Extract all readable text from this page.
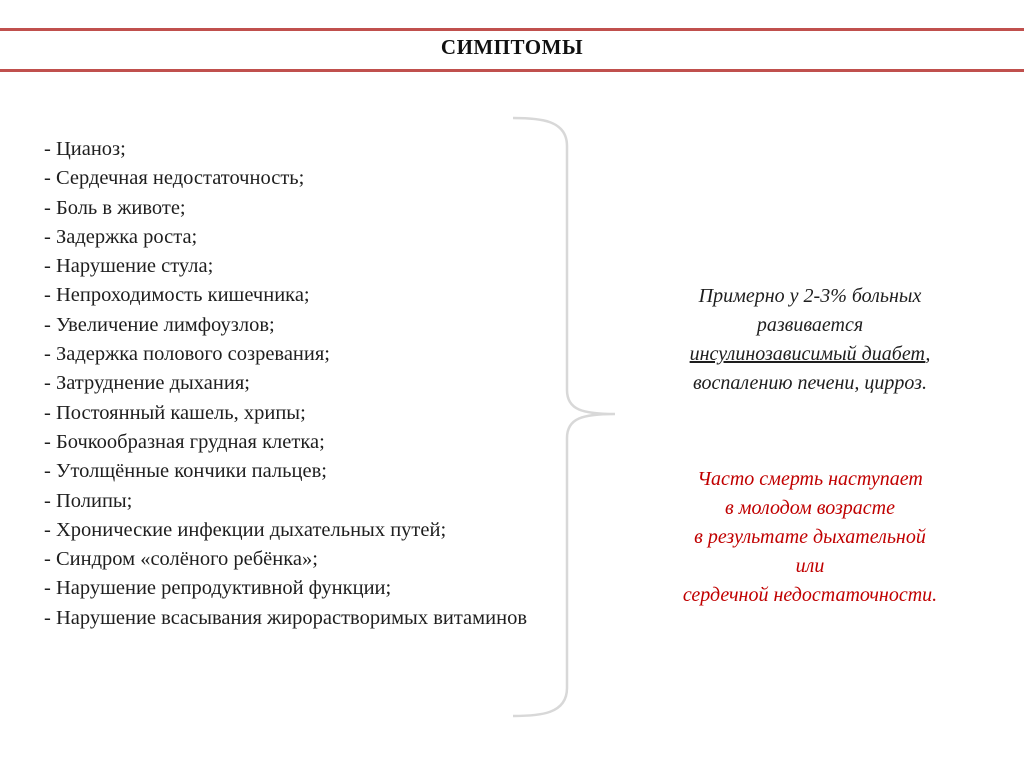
СИМПТОМЫ
- Цианоз;
- Сердечная недостаточность;
- Боль в животе;
- Задержка роста;
- Нарушение стула;
- Непроходимость кишечника;
- Увеличение лимфоузлов;
- Задержка полового созревания;
- Затруднение дыхания;
- Постоянный кашель, хрипы;
- Бочкообразная грудная клетка;
- Утолщённые кончики пальцев;
- Полипы;
- Хронические инфекции дыхательных путей;
- Синдром «солёного ребёнка»;
- Нарушение репродуктивной функции;
- Нарушение всасывания жирорастворимых витаминов
Примерно у 2-3% больных
развивается
инсулинозависимый диабет,
воспалению печени, цирроз.
Часто смерть наступает
в молодом возрасте
в результате дыхательной
или
сердечной недостаточности.
